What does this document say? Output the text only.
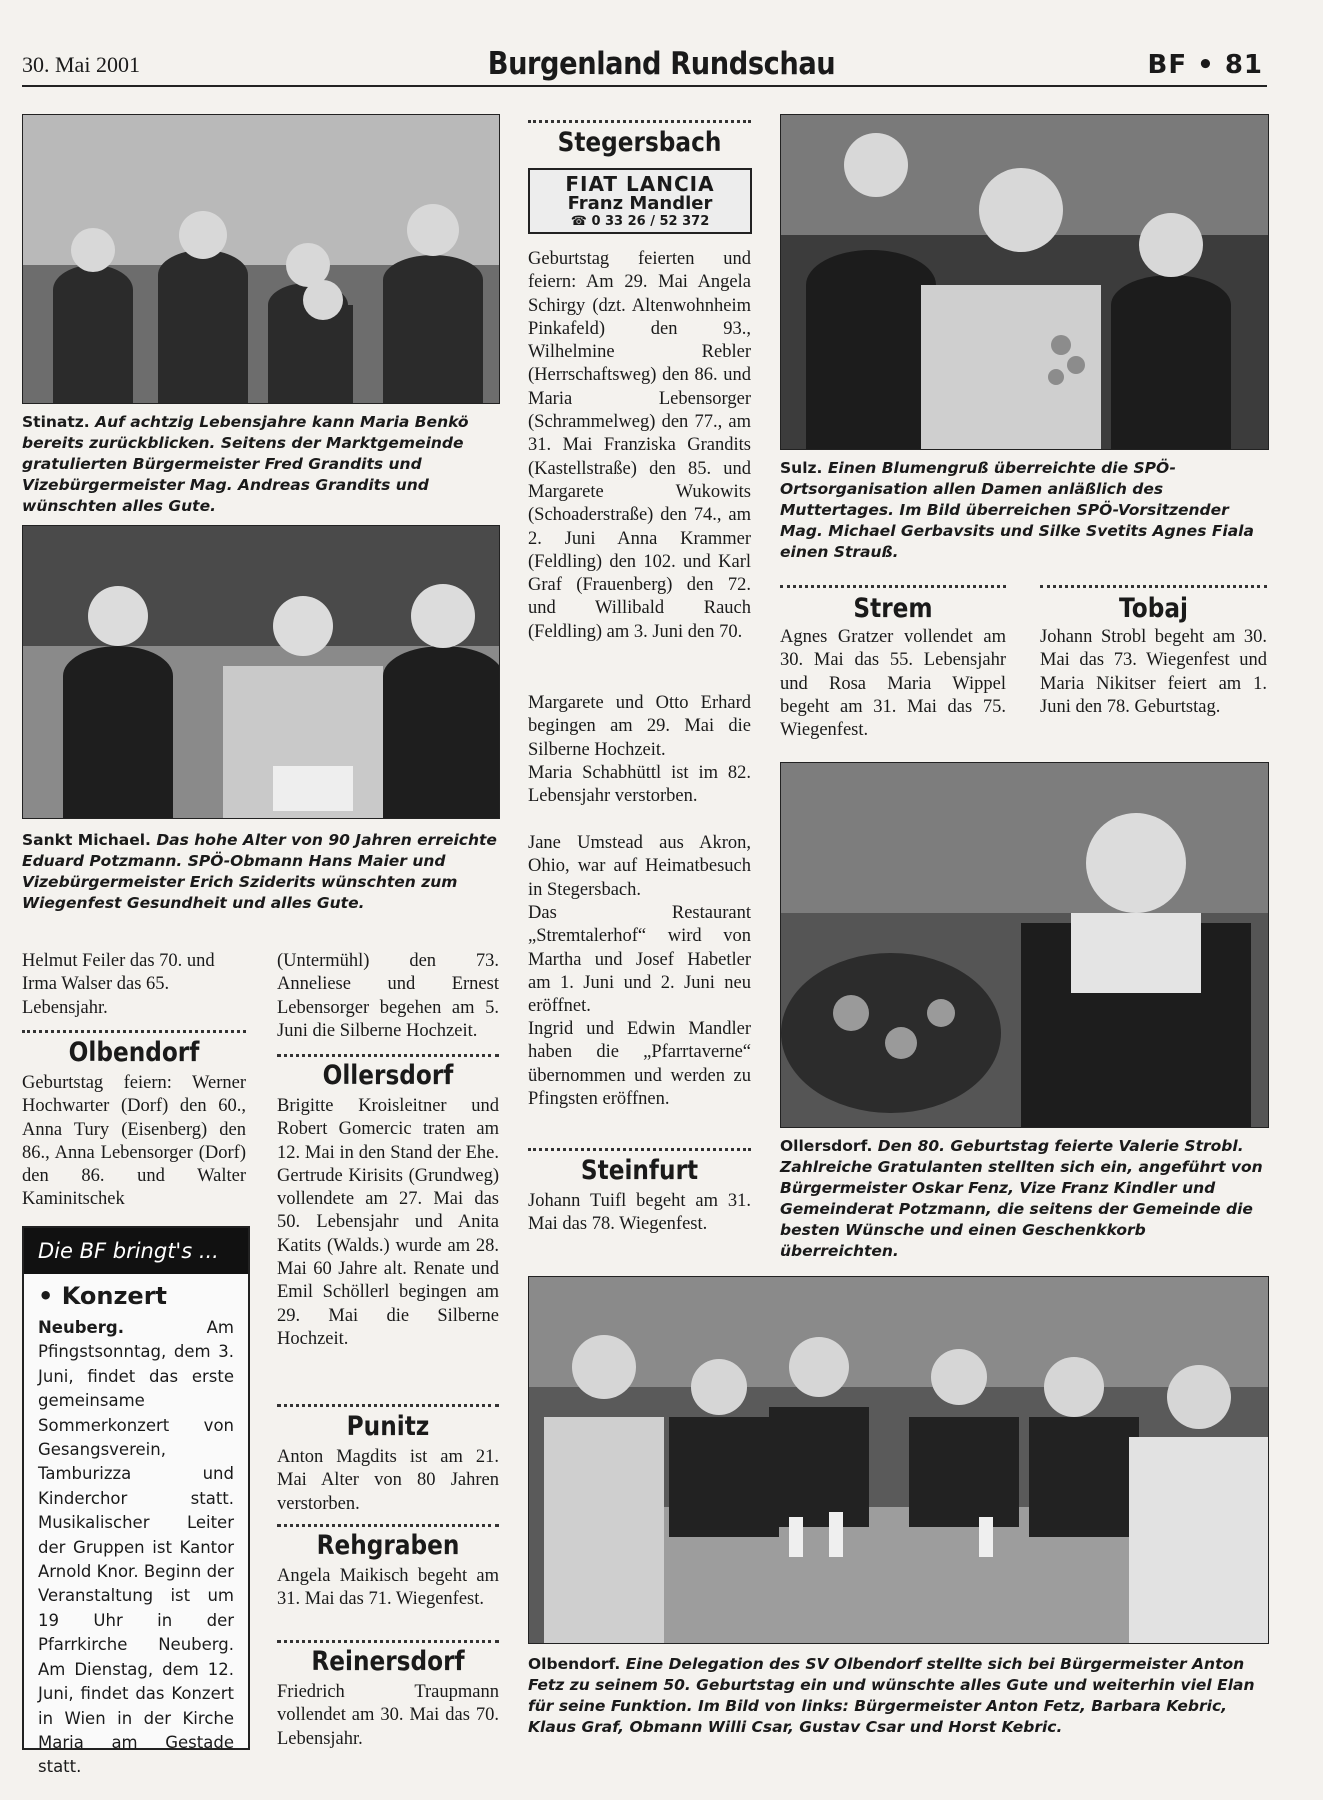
30. Mai 2001	Burgenland Rundschau	BF • 81
Stinatz. Auf achtzig Lebensjahre kann Maria Benkö bereits zurückblicken. Seitens der Marktgemeinde gratulierten Bürgermeister Fred Grandits und Vizebürgermeister Mag. Andreas Grandits und wünschten alles Gute.
Sankt Michael. Das hohe Alter von 90 Jahren erreichte Eduard Potzmann. SPÖ-Obmann Hans Maier und Vizebürgermeister Erich Sziderits wünschten zum Wiegenfest Gesundheit und alles Gute.
Helmut Feiler das 70. und Irma Walser das 65. Lebensjahr.
Olbendorf
Geburtstag feiern: Werner Hochwarter (Dorf) den 60., Anna Tury (Eisenberg) den 86., Anna Lebensorger (Dorf) den 86. und Walter Kaminitschek
Die BF bringt's ...
• Konzert
Neuberg.	Am Pfingstsonntag, dem 3. Juni, findet das erste gemeinsame Sommerkonzert von Gesangsverein, Tamburizza und Kinderchor statt. Musikalischer Leiter der Gruppen ist Kantor Arnold Knor. Beginn der Veranstaltung ist um 19 Uhr in der Pfarrkirche Neuberg. Am Dienstag, dem 12. Juni, findet das Konzert in Wien in der Kirche Maria am Gestade statt.
(Untermühl) den 73. Anneliese und Ernest Lebensorger begehen am 5. Juni die Silberne Hochzeit.
Ollersdorf
Brigitte Kroisleitner und Robert Gomercic traten am 12. Mai in den Stand der Ehe. Gertrude Kirisits (Grundweg) vollendete am 27. Mai das 50. Lebensjahr und Anita Katits (Walds.) wurde am 28. Mai 60 Jahre alt. Renate und Emil Schöllerl begingen am 29. Mai die Silberne Hochzeit.
Punitz
Anton Magdits ist am 21. Mai Alter von 80 Jahren verstorben.
Rehgraben
Angela Maikisch begeht am 31. Mai das 71. Wiegenfest.
Reinersdorf
Friedrich Traupmann vollendet am 30. Mai das 70. Lebensjahr.
Stegersbach
FIAT LANCIA
Franz Mandler
☎ 0 33 26 / 52 372
Geburtstag feierten und feiern: Am 29. Mai Angela Schirgy (dzt. Altenwohnheim Pinkafeld) den 93., Wilhelmine Rebler (Herrschaftsweg) den 86. und Maria Lebensorger (Schrammelweg) den 77., am 31. Mai Franziska Grandits (Kastellstraße) den 85. und Margarete Wukowits (Schoaderstraße) den 74., am 2. Juni Anna Krammer (Feldling) den 102. und Karl Graf (Frauenberg) den 72. und Willibald Rauch (Feldling) am 3. Juni den 70.
Margarete und Otto Erhard begingen am 29. Mai die Silberne Hochzeit.
Maria Schabhüttl ist im 82. Lebensjahr verstorben.
Jane Umstead aus Akron, Ohio, war auf Heimatbesuch in Stegersbach.
Das Restaurant „Stremtalerhof“ wird von Martha und Josef Habetler am 1. Juni und 2. Juni neu eröffnet.
Ingrid und Edwin Mandler haben die „Pfarrtaverne“ übernommen und werden zu Pfingsten eröffnen.
Steinfurt
Johann Tuifl begeht am 31. Mai das 78. Wiegenfest.
Sulz. Einen Blumengruß überreichte die SPÖ-Ortsorganisation allen Damen anläßlich des Muttertages. Im Bild überreichen SPÖ-Vorsitzender Mag. Michael Gerbavsits und Silke Svetits Agnes Fiala einen Strauß.
Strem
Agnes Gratzer vollendet am 30. Mai das 55. Lebensjahr und Rosa Maria Wippel begeht am 31. Mai das 75. Wiegenfest.
Tobaj
Johann Strobl begeht am 30. Mai das 73. Wiegenfest und Maria Nikitser feiert am 1. Juni den 78. Geburtstag.
Ollersdorf. Den 80. Geburtstag feierte Valerie Strobl. Zahlreiche Gratulanten stellten sich ein, angeführt von Bürgermeister Oskar Fenz, Vize Franz Kindler und Gemeinderat Potzmann, die seitens der Gemeinde die besten Wünsche und einen Geschenkkorb überreichten.
Olbendorf. Eine Delegation des SV Olbendorf stellte sich bei Bürgermeister Anton Fetz zu seinem 50. Geburtstag ein und wünschte alles Gute und weiterhin viel Elan für seine Funktion. Im Bild von links: Bürgermeister Anton Fetz, Barbara Kebric, Klaus Graf, Obmann Willi Csar, Gustav Csar und Horst Kebric.
